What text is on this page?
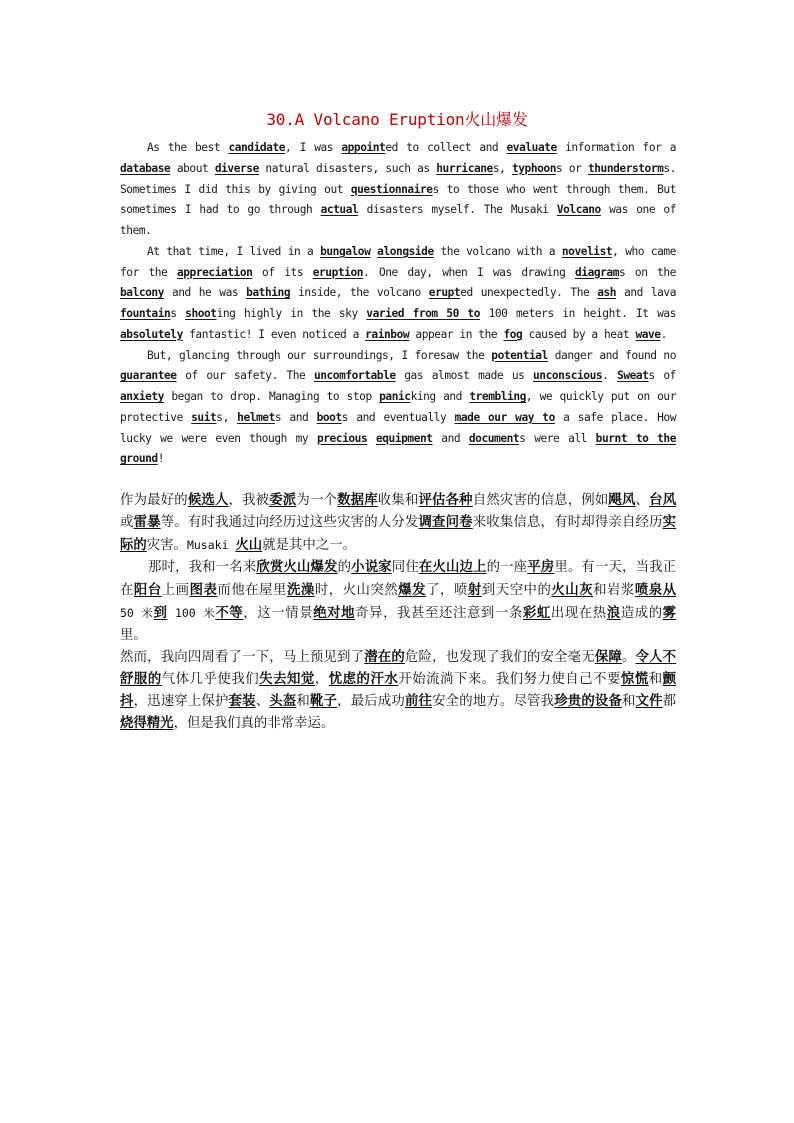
30.A Volcano Eruption火山爆发

As the best candidate, I was appointed to collect and evaluate information for a database about diverse natural disasters, such as hurricanes, typhoons or thunderstorms. Sometimes I did this by giving out questionnaires to those who went through them. But sometimes I had to go through actual disasters myself. The Musaki Volcano was one of them.

At that time, I lived in a bungalow alongside the volcano with a novelist, who came for the appreciation of its eruption. One day, when I was drawing diagrams on the balcony and he was bathing inside, the volcano erupted unexpectedly. The ash and lava fountains shooting highly in the sky varied from 50 to 100 meters in height. It was absolutely fantastic! I even noticed a rainbow appear in the fog caused by a heat wave.

But, glancing through our surroundings, I foresaw the potential danger and found no guarantee of our safety. The uncomfortable gas almost made us unconscious. Sweats of anxiety began to drop. Managing to stop panicking and trembling, we quickly put on our protective suits, helmets and boots and eventually made our way to a safe place. How lucky we were even though my precious equipment and documents were all burnt to the ground!

作为最好的候选人，我被委派为一个数据库收集和评估各种自然灾害的信息，例如飓风、台风或雷暴等。有时我通过向经历过这些灾害的人分发调查问卷来收集信息，有时却得亲自经历实际的灾害。Musaki 火山就是其中之一。

那时，我和一名来欣赏火山爆发的小说家同住在火山边上的一座平房里。有一天，当我正在阳台上画图表而他在屋里洗澡时，火山突然爆发了，喷射到天空中的火山灰和岩浆喷泉从 50 米到 100 米不等，这一情景绝对地奇异，我甚至还注意到一条彩虹出现在热浪造成的雾里。

然而，我向四周看了一下，马上预见到了潜在的危险，也发现了我们的安全毫无保障。令人不舒服的气体几乎使我们失去知觉，忧虑的汗水开始流淌下来。我们努力使自己不要惊慌和颤抖，迅速穿上保护套装、头盔和靴子，最后成功前往安全的地方。尽管我珍贵的设备和文件都烧得精光，但是我们真的非常幸运。
